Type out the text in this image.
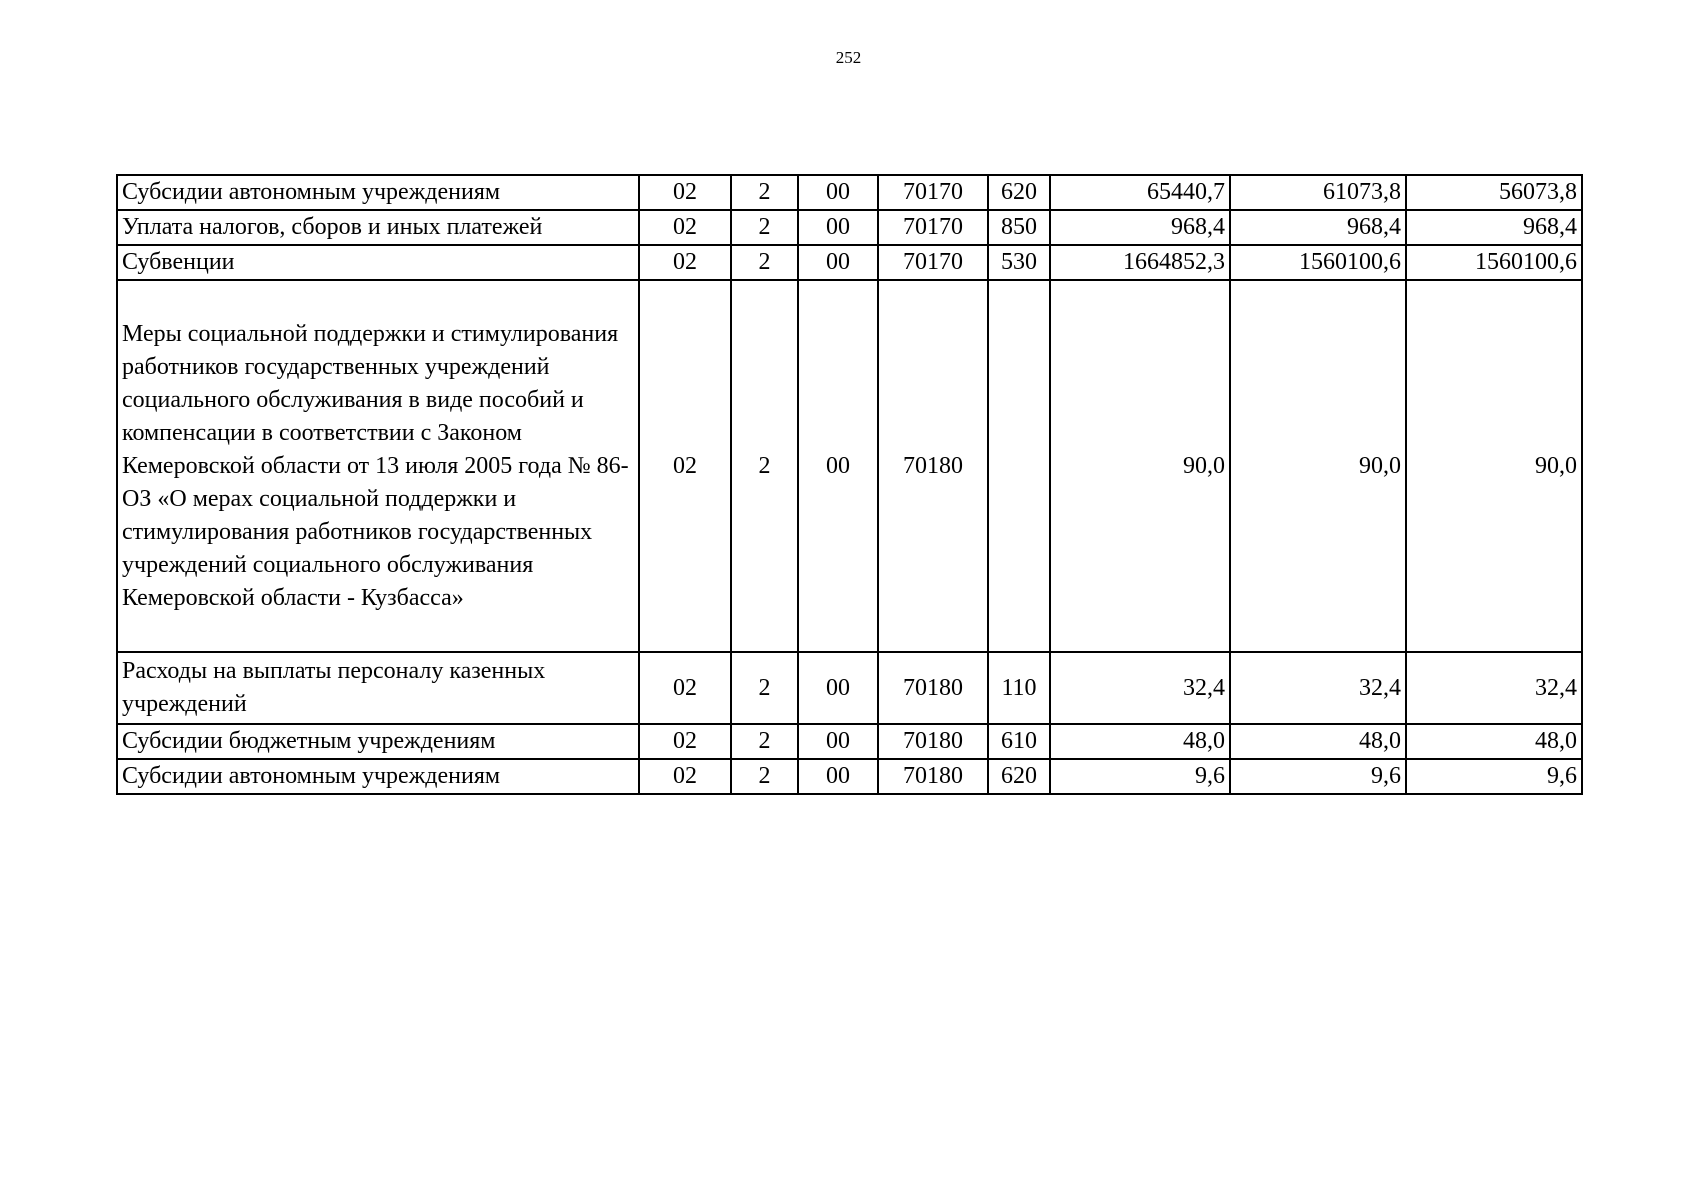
252
Субсидии автономным учреждениям	02	2	00	70170	620	65440,7	61073,8	56073,8
Уплата налогов, сборов и иных платежей	02	2	00	70170	850	968,4	968,4	968,4
Субвенции	02	2	00	70170	530	1664852,3	1560100,6	1560100,6
Меры социальной поддержки и стимулирования работников государственных учреждений социального обслуживания в виде пособий и компенсации в соответствии с Законом Кемеровской области от 13 июля 2005 года № 86-ОЗ «О мерах социальной поддержки и стимулирования работников государственных учреждений социального обслуживания Кемеровской области - Кузбасса»	02	2	00	70180		90,0	90,0	90,0
Расходы на выплаты персоналу казенных учреждений	02	2	00	70180	110	32,4	32,4	32,4
Субсидии бюджетным учреждениям	02	2	00	70180	610	48,0	48,0	48,0
Субсидии автономным учреждениям	02	2	00	70180	620	9,6	9,6	9,6
